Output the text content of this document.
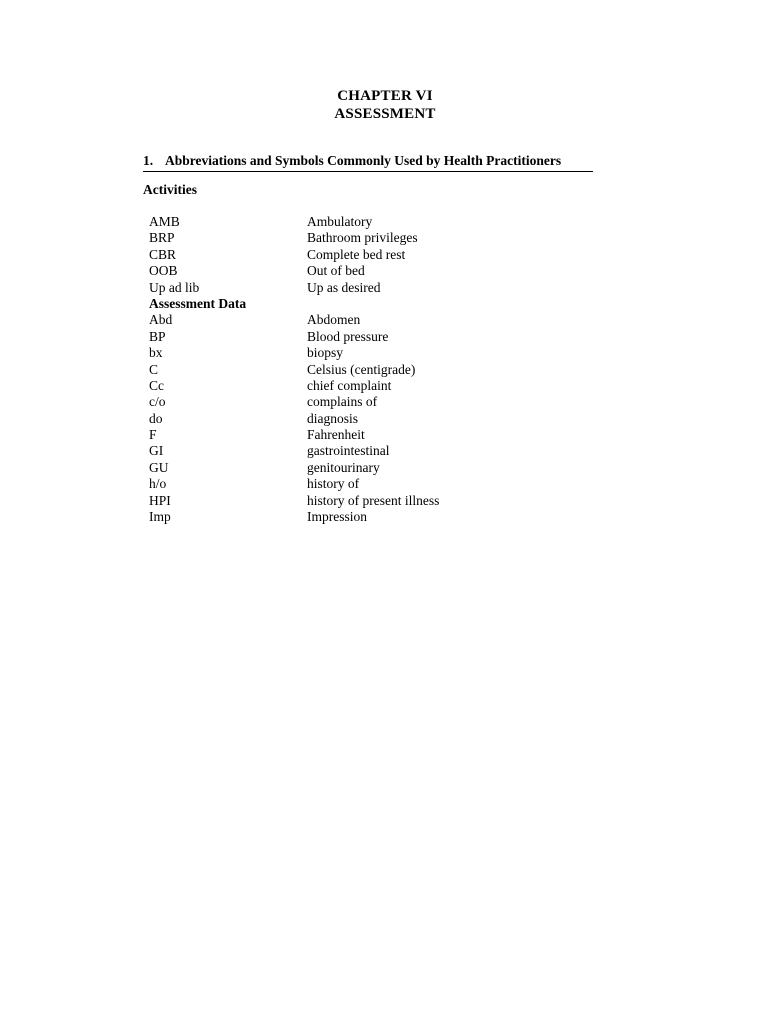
CHAPTER VI
ASSESSMENT
1. Abbreviations and Symbols Commonly Used by Health Practitioners
Activities
AMB	Ambulatory
BRP	Bathroom privileges
CBR	Complete bed rest
OOB	Out of bed
Up ad lib	Up as desired
Assessment Data
Abd	Abdomen
BP	Blood pressure
bx	biopsy
C	Celsius (centigrade)
Cc	chief complaint
c/o	complains of
do	diagnosis
F	Fahrenheit
GI	gastrointestinal
GU	genitourinary
h/o	history of
HPI	history of present illness
Imp	Impression
